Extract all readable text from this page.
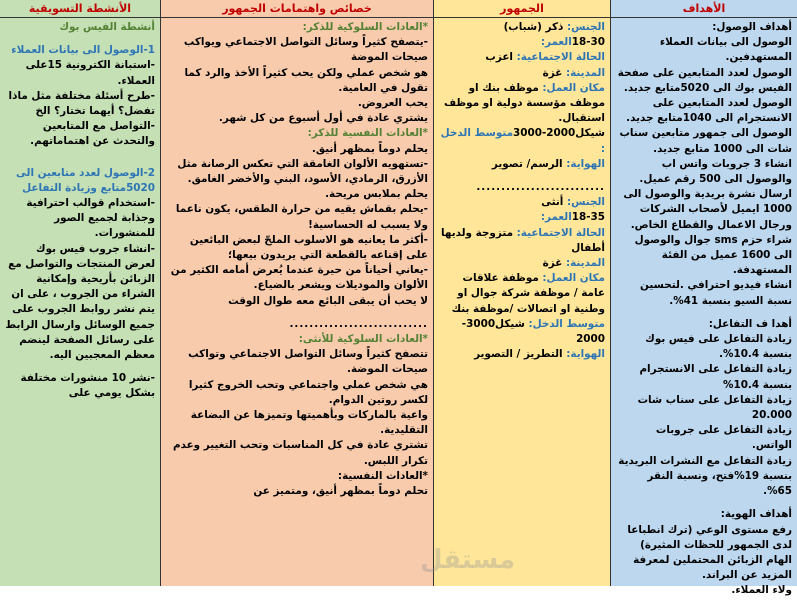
الأهداف

أهداف الوصول:

الوصول الى بيانات العملاء المستهدفين.

الوصول لعدد المتابعين على صفحة الفيس بوك الى 5020متابع جديد.

الوصول لعدد المتابعين على الانستجرام الى 1040متابع جديد.

الوصول الى جمهور متابعين سناب شات الى 1000 متابع جديد.

انشاء 3 جروبات واتس اب والوصول الى 500 رقم عميل.

ارسال نشرة بريدية والوصول الى 1000 ايميل لأصحاب الشركات ورجال الاعمال والقطاع الخاص.

شراء حزم sms جوال والوصول الى 1600 عميل من الفئة المستهدفة.

انشاء فيديو احترافي .لتحسين نسبة السيو بنسبة 41%.

أهدا ف التفاعل:

زيادة التفاعل على فيس بوك بنسبة 10.4%.

زيادة التفاعل على الانستجرام بنسبة 10.4%

زيادة التفاعل على سناب شات 20.000

زيادة التفاعل على جروبات الواتس.

زيادة التفاعل مع النشرات البريدية بنسبة 19%فتح، ونسبة النقر 65%.

أهداف الهوية:

رفع مستوى الوعي (ترك انطباعا لدى الجمهور للحظات المثيرة)

الهام الزبائن المحتملين لمعرفة المزيد عن البراند.

ولاء العملاء.

الجمهور

الجنس: ذكر (شباب)

18-30العمر:

الحالة الاجتماعية: اعزب

المدينة: غزة

مكان العمل: موظف بنك او موظف مؤسسة دولية او موظف استقبال.

شيكل2000-3000متوسط الدخل :

الهواية: الرسم/ تصوير

..........................

الجنس: أنثى

18-35العمر:

الحالة الاجتماعية: متزوجة ولديها أطفال

المدينة: غزة

مكان العمل: موظفة علاقات عامة / موظفة شركة جوال او وطنية او اتصالات /موظفة بنك

متوسط الدخل: شيكل3000-2000

الهواية: التطريز / التصوير

خصائص واهتمامات الجمهور

*العادات السلوكية للذكر:

-يتصفح كثيراً وسائل التواصل الاجتماعي ويواكب صيحات الموضة

هو شخص عملي ولكن يحب كثيراً الأخذ والرد كما تقول في العامية.

يحب العروض.

يشتري عادة في أول أسبوع من كل شهر.

*العادات النفسية للذكر:

يحلم دوماً بمظهر أنيق.

-تستهويه الألوان الغامقة التي تعكس الرصانة مثل الأزرق، الرمادي، الأسود، البني والأخضر الغامق.

يحلم بملابس مريحة.

-يحلم بقماش يقيه من حرارة الطقس، يكون ناعما ولا يسبب له الحساسية!

-أكثر ما يعانيه هو الاسلوب الملحّ لبعض البائعين على إقناعه بالقطعة التي يريدون بيعها؛

-يعاني أحياناً من حيرة عندما يُعرض أمامه الكثير من الألوان والموديلات ويشعر بالضياع.

لا يحب أن يبقى البائع معه طوال الوقت

............................

*العادات السلوكية للأنثى:

تتصفح كثيراً وسائل التواصل الاجتماعي وتواكب صيحات الموضة.

هي شخص عملي واجتماعي وتحب الخروج كثيرا لكسر روتين الدوام.

واعية بالماركات وبأهميتها وتميزها عن البضاعة التقليدية.

تشتري عادة في كل المناسبات وتحب التغيير وعدم تكرار اللبس.

*العادات النفسية:

تحلم دوماً بمظهر أنيق، ومتميز عن

الأنشطة التسويقية

أنشطة الفيس بوك

1-الوصول الى بيانات العملاء

-استبانة الكترونية 15على العملاء.

-طرح أسئلة مختلفة مثل ماذا تفضل؟ أيهما تختار؟ الخ

-التواصل مع المتابعين والتحدث عن اهتماماتهم.

2-الوصول لعدد متابعين الى 5020متابع وزيادة التفاعل

-استخدام قوالب احترافية وجذابة لجميع الصور للمنشورات.

-انشاء جروب فيس بوك لعرض المنتجات والتواصل مع الزبائن بأريحية وإمكانية الشراء من الجروب ، على ان يتم نشر روابط الجروب على جميع الوسائل وارسال الرابط على رسائل الصفحة لينضم معظم المعجبين اليه.

-نشر 10 منشورات مختلفة بشكل يومي على

مستقل
